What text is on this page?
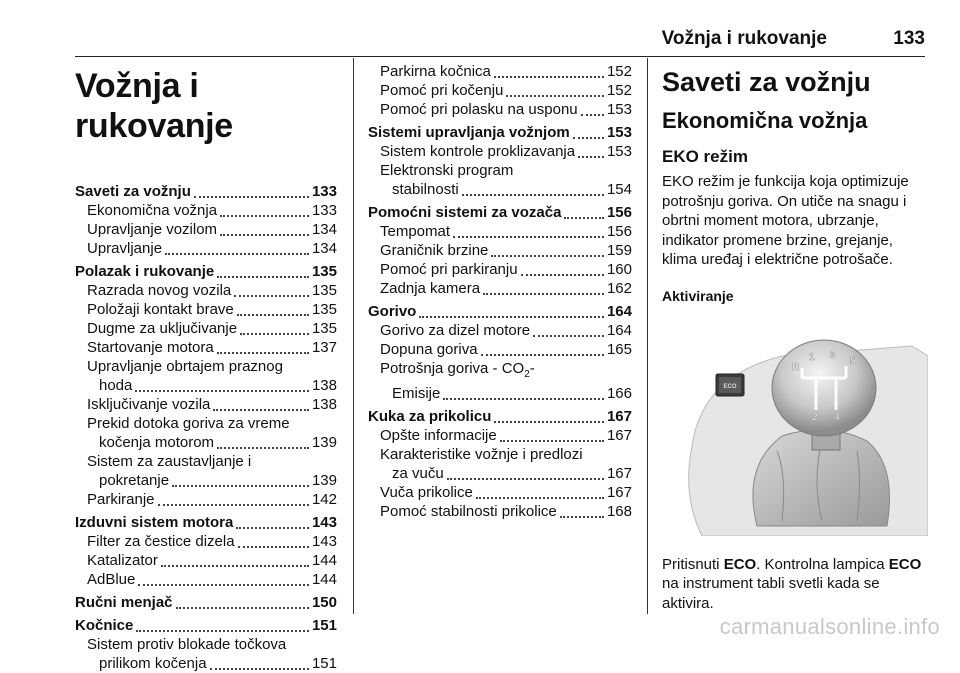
Vožnja i rukovanje	133
Vožnja i rukovanje
Saveti za vožnju	133
Ekonomična vožnja	133
Upravljanje vozilom	134
Upravljanje	134
Polazak i rukovanje	135
Razrada novog vozila	135
Položaji kontakt brave	135
Dugme za uključivanje	135
Startovanje motora	137
Upravljanje obrtajem praznog
hoda	138
Isključivanje vozila	138
Prekid dotoka goriva za vreme
kočenja motorom	139
Sistem za zaustavljanje i
pokretanje	139
Parkiranje	142
Izduvni sistem motora	143
Filter za čestice dizela	143
Katalizator	144
AdBlue	144
Ručni menjač	150
Kočnice	151
Sistem protiv blokade točkova
prilikom kočenja	151
Parkirna kočnica	152
Pomoć pri kočenju	152
Pomoć pri polasku na usponu 153
Sistemi upravljanja vožnjom 153
Sistem kontrole proklizavanja 153
Elektronski program
stabilnosti	154
Pomoćni sistemi za vozača	156
Tempomat	156
Graničnik brzine	159
Pomoć pri parkiranju	160
Zadnja kamera	162
Gorivo	164
Gorivo za dizel motore	164
Dopuna goriva	165
Potrošnja goriva - $CO_2-$
Emisije	166
Kuka za prikolicu	167
Opšte informacije	167
Karakteristike vožnje i predlozi
za vuču	167
Vuča prikolice	167
Pomoć stabilnosti prikolice	168
Saveti za vožnju
Ekonomična vožnja
EKO režim
EKO režim je funkcija koja optimizuje potrošnju goriva. On utiče na snagu i obrtni moment motora, ubrzanje, indikator promene brzine, grejanje, klima uređaj i električne potrošače.
Aktiviranje
R
1 3
5
2 4
ECO
Pritisnuti ECO. Kontrolna lampica ECO na instrument tabli svetli kada se aktivira.
carmanualsonline.info
